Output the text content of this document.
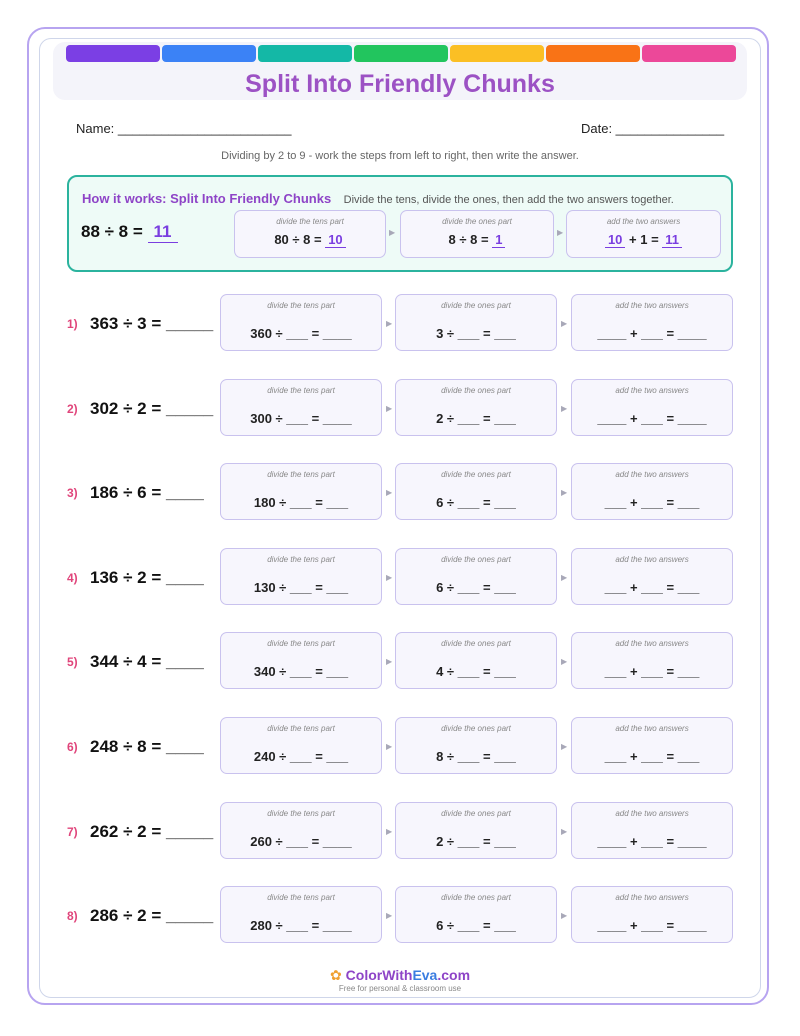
Split Into Friendly Chunks
Name: ________________________	Date: _______________
Dividing by 2 to 9 - work the steps from left to right, then write the answer.
How it works: Split Into Friendly Chunks Divide the tens, divide the ones, then add the two answers together.
88 ÷ 8 = 11
divide the tens part
80 ÷ 8 = 10	▶
divide the ones part
8 ÷ 8 = 1	▶
add the two answers
10 + 1 = 11
1) 363 ÷ 3 = _____
divide the tens part
360 ÷ ___ = ____
▶
divide the ones part
3 ÷ ___ = ___
▶
add the two answers
____ + ___ = ____
2) 302 ÷ 2 = _____
divide the tens part
300 ÷ ___ = ____
▶
divide the ones part
2 ÷ ___ = ___
▶
add the two answers
____ + ___ = ____
3) 186 ÷ 6 = ____
divide the tens part
180 ÷ ___ = ___
▶
divide the ones part
6 ÷ ___ = ___
▶
add the two answers
___ + ___ = ___
4) 136 ÷ 2 = ____
divide the tens part
130 ÷ ___ = ___
▶
divide the ones part
6 ÷ ___ = ___
▶
add the two answers
___ + ___ = ___
5) 344 ÷ 4 = ____
divide the tens part
340 ÷ ___ = ___
▶
divide the ones part
4 ÷ ___ = ___
▶
add the two answers
___ + ___ = ___
6) 248 ÷ 8 = ____
divide the tens part
240 ÷ ___ = ___
▶
divide the ones part
8 ÷ ___ = ___
▶
add the two answers
___ + ___ = ___
7) 262 ÷ 2 = _____
divide the tens part
260 ÷ ___ = ____
▶
divide the ones part
2 ÷ ___ = ___
▶
add the two answers
____ + ___ = ____
8) 286 ÷ 2 = _____
divide the tens part
280 ÷ ___ = ____
▶
divide the ones part
6 ÷ ___ = ___
▶
add the two answers
____ + ___ = ____
✿ ColorWithEva.com
Free for personal & classroom use
